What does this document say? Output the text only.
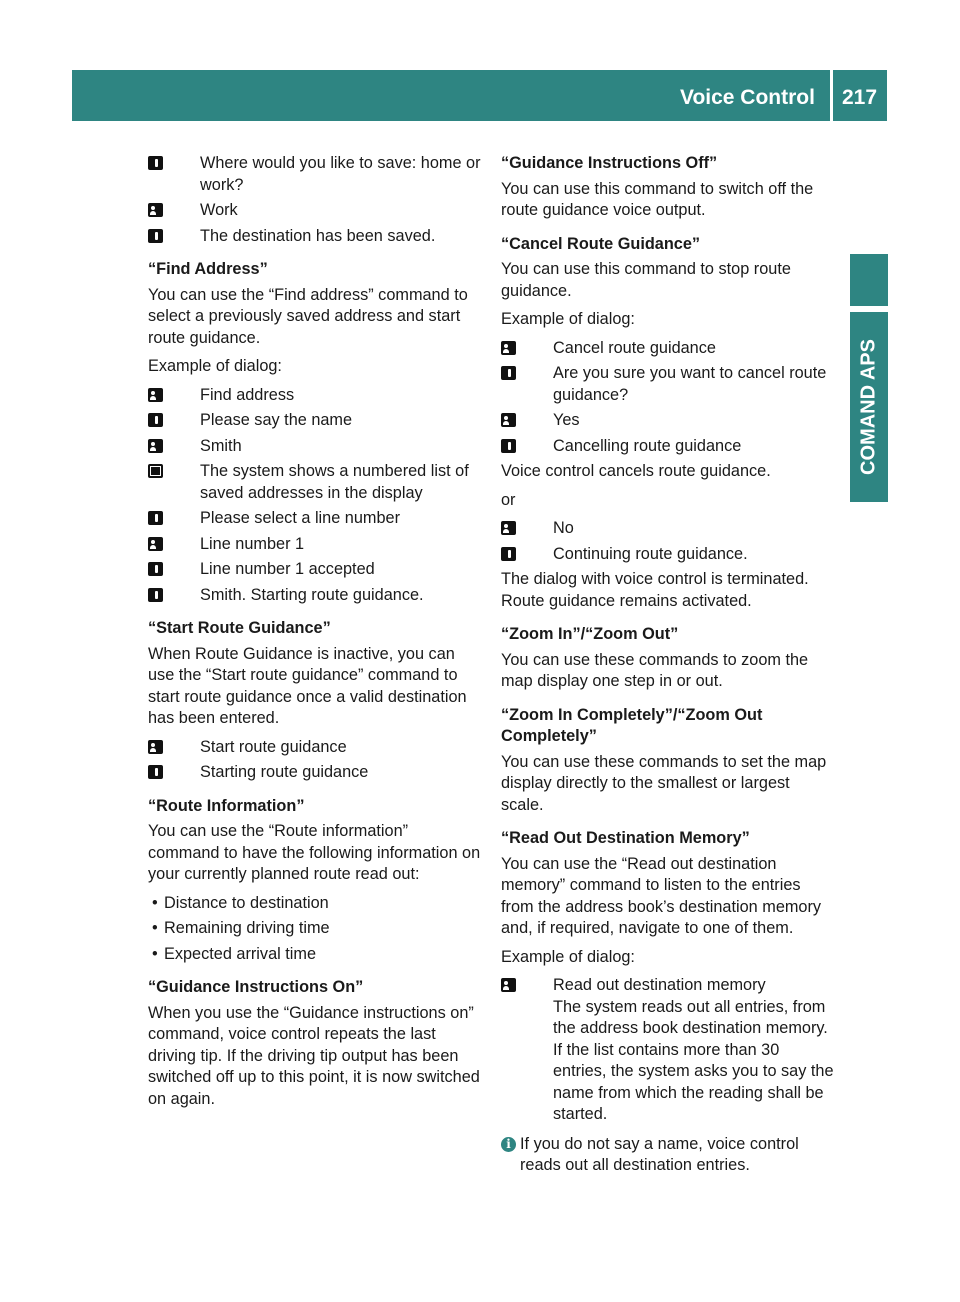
Voice Control 217
COMAND APS
Where would you like to save: home or work?
Work
The destination has been saved.

“Find Address”

You can use the “Find address” command to select a previously saved address and start route guidance.

Example of dialog:

Find address
Please say the name
Smith
The system shows a numbered list of saved addresses in the display
Please select a line number
Line number 1
Line number 1 accepted
Smith. Starting route guidance.

“Start Route Guidance”

When Route Guidance is inactive, you can use the “Start route guidance” command to start route guidance once a valid destination has been entered.

Start route guidance
Starting route guidance

“Route Information”

You can use the “Route information” command to have the following information on your currently planned route read out:

• Distance to destination
• Remaining driving time
• Expected arrival time

“Guidance Instructions On”

When you use the “Guidance instructions on” command, voice control repeats the last driving tip. If the driving tip output has been switched off up to this point, it is now switched on again.

“Guidance Instructions Off”

You can use this command to switch off the route guidance voice output.

“Cancel Route Guidance”

You can use this command to stop route guidance.

Example of dialog:

Cancel route guidance
Are you sure you want to cancel route guidance?
Yes
Cancelling route guidance

Voice control cancels route guidance.

or

No
Continuing route guidance.

The dialog with voice control is terminated. Route guidance remains activated.

“Zoom In”/“Zoom Out”

You can use these commands to zoom the map display one step in or out.

“Zoom In Completely”/“Zoom Out Completely”

You can use these commands to set the map display directly to the smallest or largest scale.

“Read Out Destination Memory”

You can use the “Read out destination memory” command to listen to the entries from the address book’s destination memory and, if required, navigate to one of them.

Example of dialog:

Read out destination memory
The system reads out all entries, from the address book destination memory. If the list contains more than 30 entries, the system asks you to say the name from which the reading shall be started.
i If you do not say a name, voice control reads out all destination entries.
